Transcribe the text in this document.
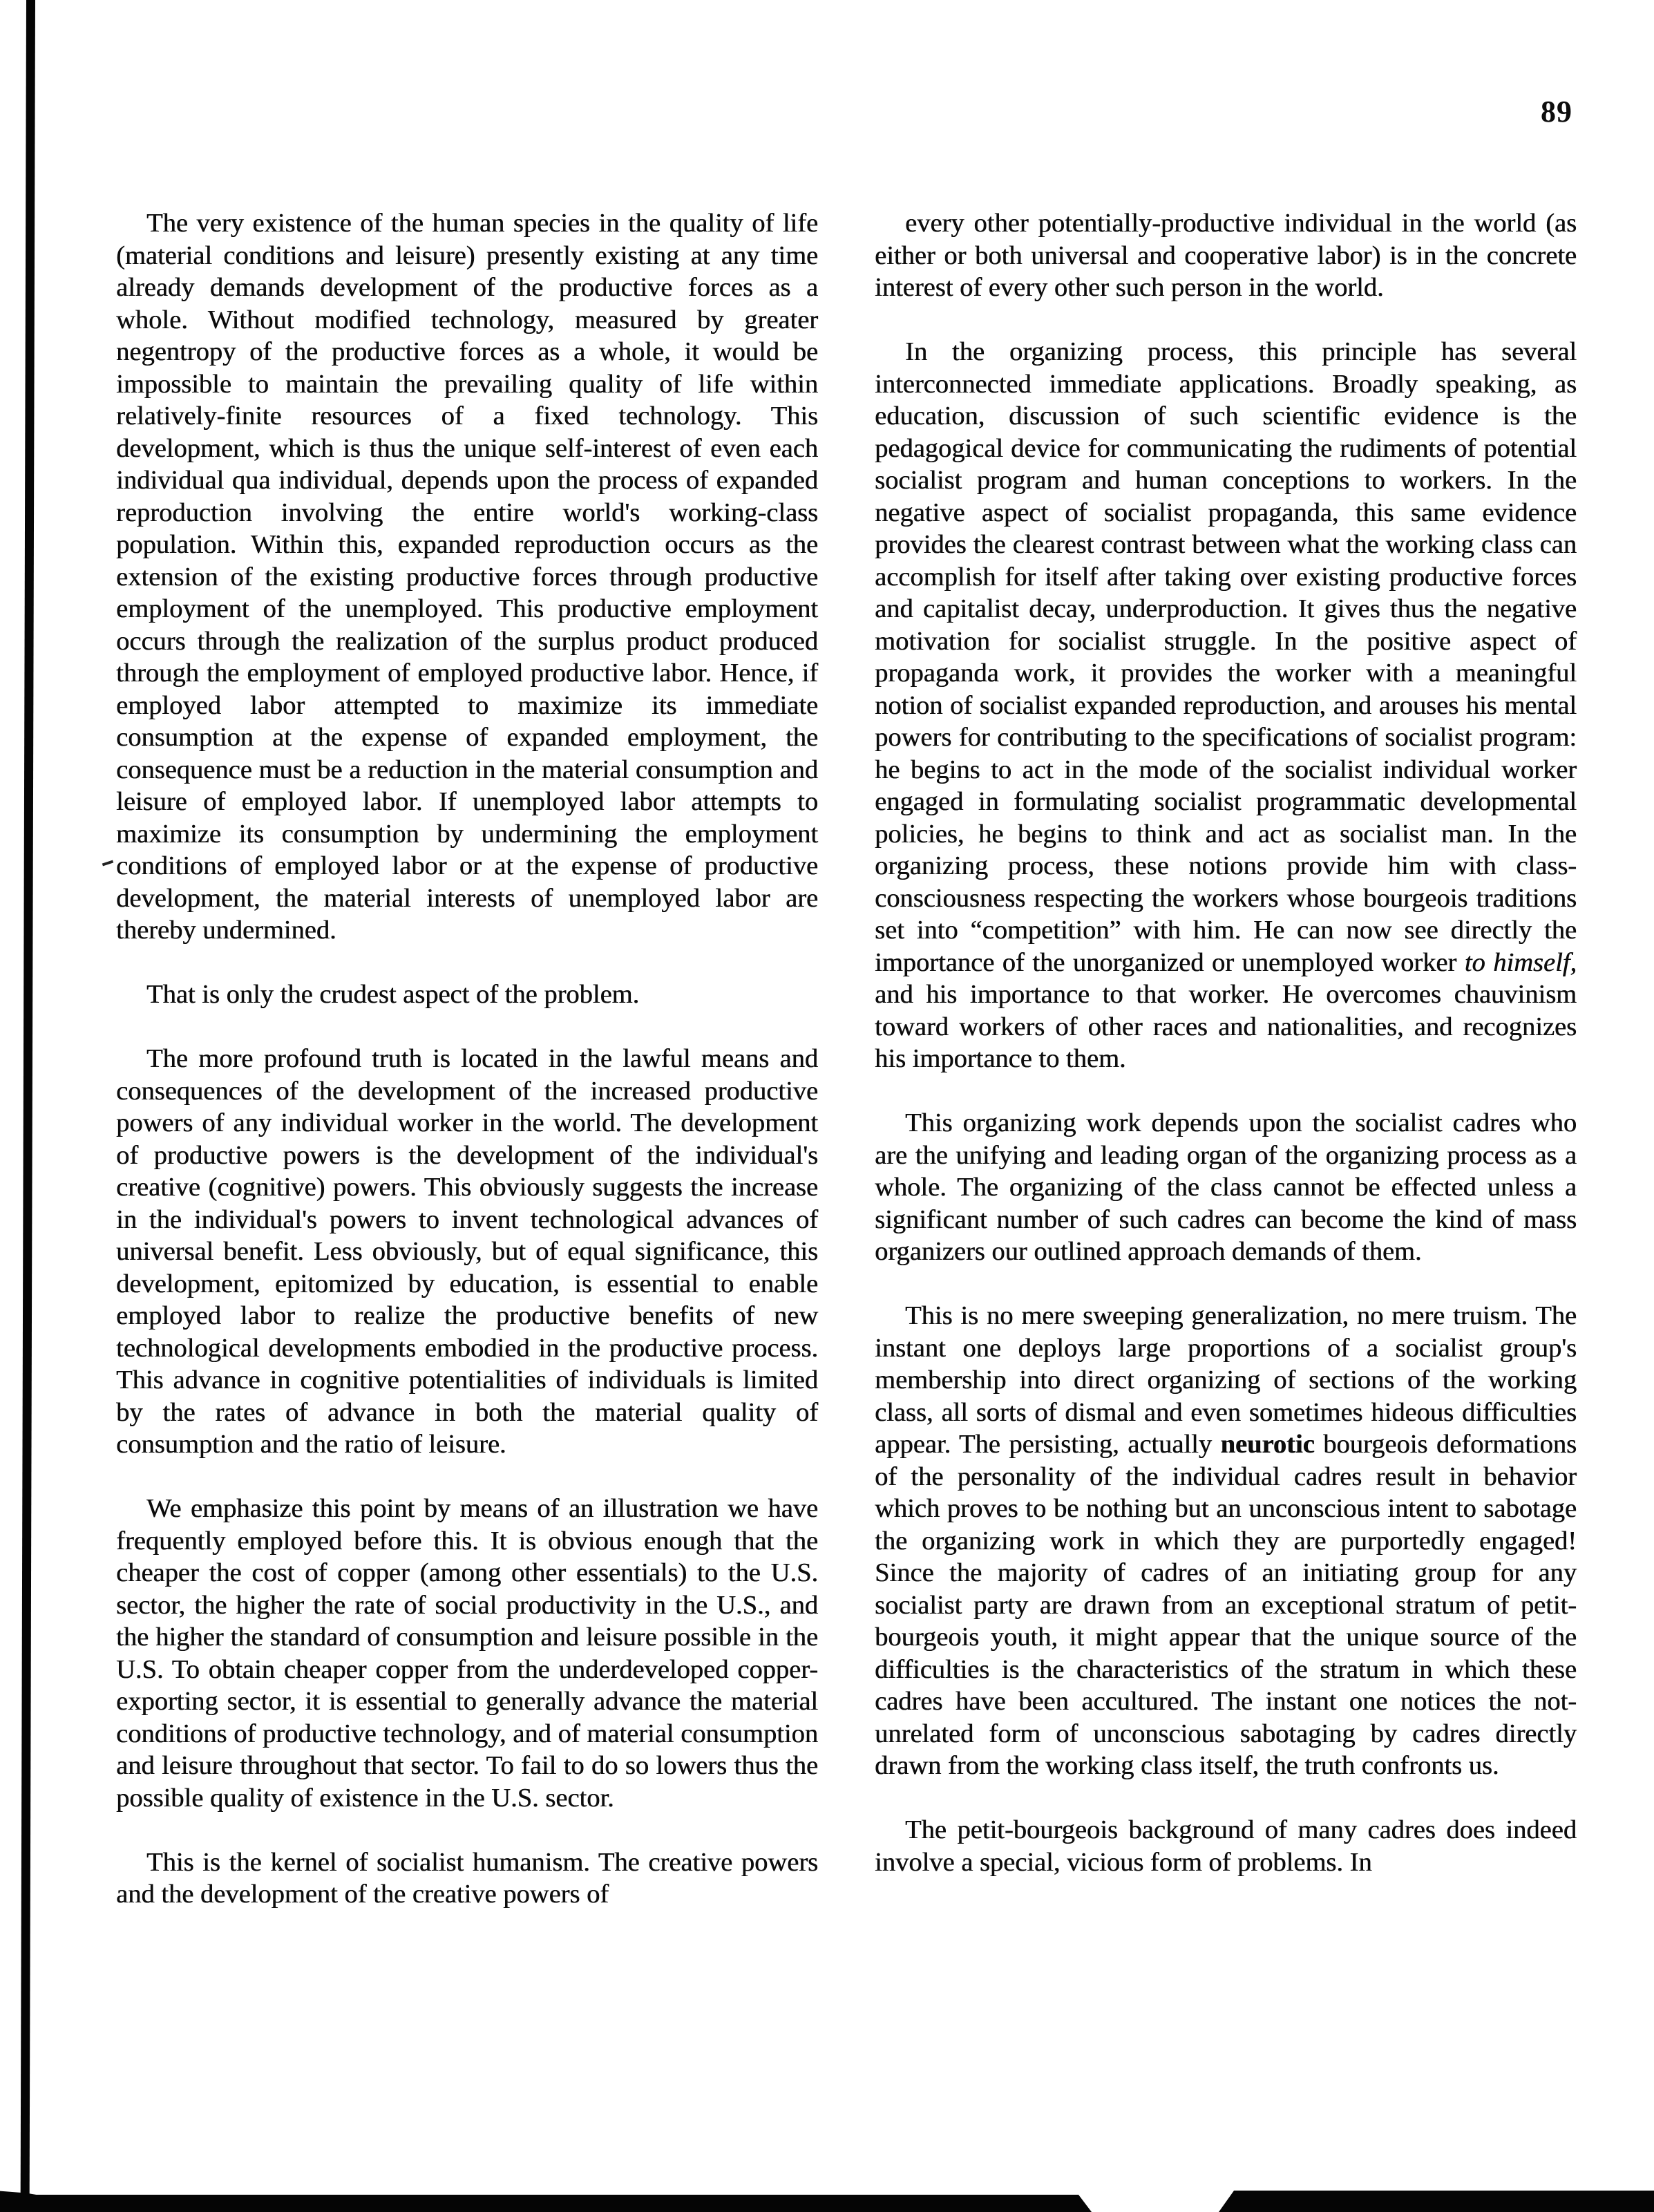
89

The very existence of the human species in the quality of life (material conditions and leisure) presently existing at any time already demands development of the productive forces as a whole. Without modified technology, measured by greater negentropy of the productive forces as a whole, it would be impossible to maintain the prevailing quality of life within relatively-finite resources of a fixed technology. This development, which is thus the unique self-interest of even each individual qua individual, depends upon the process of expanded reproduction involving the entire world's working-class population. Within this, expanded reproduction occurs as the extension of the existing productive forces through productive employment of the unemployed. This productive employment occurs through the realization of the surplus product produced through the employment of employed productive labor. Hence, if employed labor attempted to maximize its immediate consumption at the expense of expanded employment, the consequence must be a reduction in the material consumption and leisure of employed labor. If unemployed labor attempts to maximize its consumption by undermining the employment conditions of employed labor or at the expense of productive development, the material interests of unemployed labor are thereby undermined.

That is only the crudest aspect of the problem.

The more profound truth is located in the lawful means and consequences of the development of the increased productive powers of any individual worker in the world. The development of productive powers is the development of the individual's creative (cognitive) powers. This obviously suggests the increase in the individual's powers to invent technological advances of universal benefit. Less obviously, but of equal significance, this development, epitomized by education, is essential to enable employed labor to realize the productive benefits of new technological developments embodied in the productive process. This advance in cognitive potentialities of individuals is limited by the rates of advance in both the material quality of consumption and the ratio of leisure.

We emphasize this point by means of an illustration we have frequently employed before this. It is obvious enough that the cheaper the cost of copper (among other essentials) to the U.S. sector, the higher the rate of social productivity in the U.S., and the higher the standard of consumption and leisure possible in the U.S. To obtain cheaper copper from the underdeveloped copper-exporting sector, it is essential to generally advance the material conditions of productive technology, and of material consumption and leisure throughout that sector. To fail to do so lowers thus the possible quality of existence in the U.S. sector.

This is the kernel of socialist humanism. The creative powers and the development of the creative powers of

every other potentially-productive individual in the world (as either or both universal and cooperative labor) is in the concrete interest of every other such person in the world.

In the organizing process, this principle has several interconnected immediate applications. Broadly speaking, as education, discussion of such scientific evidence is the pedagogical device for communicating the rudiments of potential socialist program and human conceptions to workers. In the negative aspect of socialist propaganda, this same evidence provides the clearest contrast between what the working class can accomplish for itself after taking over existing productive forces and capitalist decay, underproduction. It gives thus the negative motivation for socialist struggle. In the positive aspect of propaganda work, it provides the worker with a meaningful notion of socialist expanded reproduction, and arouses his mental powers for contributing to the specifications of socialist program: he begins to act in the mode of the socialist individual worker engaged in formulating socialist programmatic developmental policies, he begins to think and act as socialist man. In the organizing process, these notions provide him with class-consciousness respecting the workers whose bourgeois traditions set into “competition” with him. He can now see directly the importance of the unorganized or unemployed worker to himself, and his importance to that worker. He overcomes chauvinism toward workers of other races and nationalities, and recognizes his importance to them.

This organizing work depends upon the socialist cadres who are the unifying and leading organ of the organizing process as a whole. The organizing of the class cannot be effected unless a significant number of such cadres can become the kind of mass organizers our outlined approach demands of them.

This is no mere sweeping generalization, no mere truism. The instant one deploys large proportions of a socialist group's membership into direct organizing of sections of the working class, all sorts of dismal and even sometimes hideous difficulties appear. The persisting, actually neurotic bourgeois deformations of the personality of the individual cadres result in behavior which proves to be nothing but an unconscious intent to sabotage the organizing work in which they are purportedly engaged! Since the majority of cadres of an initiating group for any socialist party are drawn from an exceptional stratum of petit-bourgeois youth, it might appear that the unique source of the difficulties is the characteristics of the stratum in which these cadres have been accultured. The instant one notices the not-unrelated form of unconscious sabotaging by cadres directly drawn from the working class itself, the truth confronts us.

The petit-bourgeois background of many cadres does indeed involve a special, vicious form of problems. In
